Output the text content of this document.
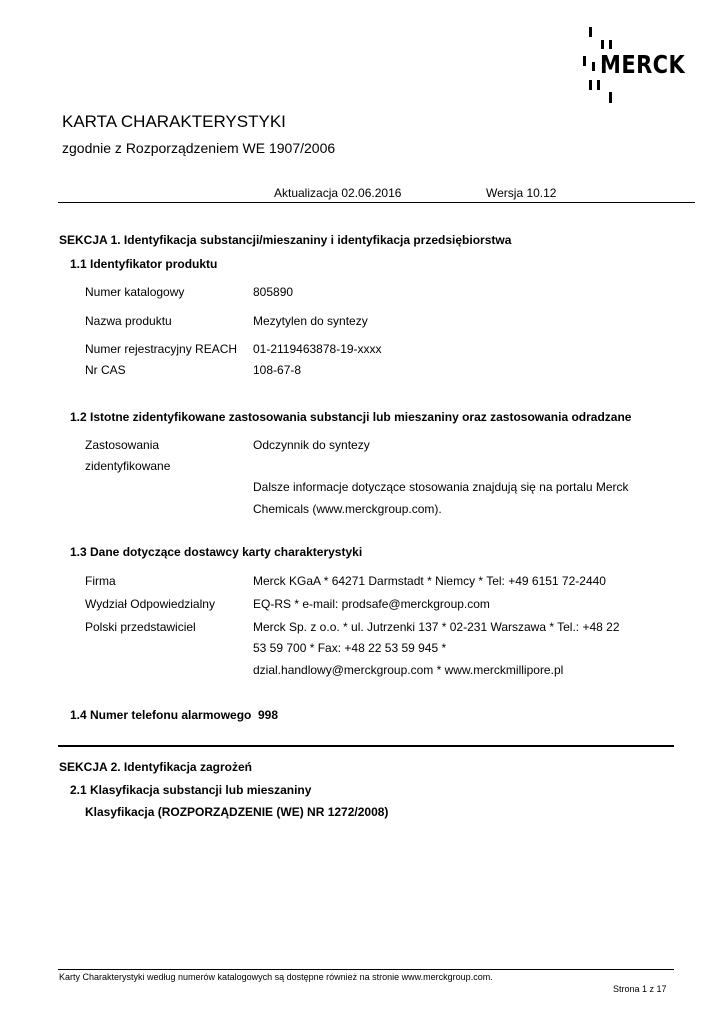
MERCK
KARTA CHARAKTERYSTYKI
zgodnie z Rozporządzeniem WE 1907/2006
Aktualizacja 02.06.2016	Wersja 10.12
SEKCJA 1. Identyfikacja substancji/mieszaniny i identyfikacja przedsiębiorstwa
1.1 Identyfikator produktu
Numer katalogowy	805890
Nazwa produktu	Mezytylen do syntezy
Numer rejestracyjny REACH 01-2119463878-19-xxxx
Nr CAS	108-67-8
1.2 Istotne zidentyfikowane zastosowania substancji lub mieszaniny oraz zastosowania odradzane
Zastosowania
zidentyfikowane
Odczynnik do syntezy
Dalsze informacje dotyczące stosowania znajdują się na portalu Merck
Chemicals (www.merckgroup.com).
1.3 Dane dotyczące dostawcy karty charakterystyki
Firma	Merck KGaA * 64271 Darmstadt * Niemcy * Tel: +49 6151 72-2440
Wydział Odpowiedzialny	EQ-RS * e-mail: prodsafe@merckgroup.com
Polski przedstawiciel	Merck Sp. z o.o. * ul. Jutrzenki 137 * 02-231 Warszawa * Tel.: +48 22
53 59 700 * Fax: +48 22 53 59 945 *
dzial.handlowy@merckgroup.com * www.merckmillipore.pl
1.4 Numer telefonu alarmowego 998
SEKCJA 2. Identyfikacja zagrożeń
2.1 Klasyfikacja substancji lub mieszaniny
Klasyfikacja (ROZPORZĄDZENIE (WE) NR 1272/2008)
Karty Charakterystyki według numerów katalogowych są dostępne również na stronie www.merckgroup.com.
Strona 1 z 17
